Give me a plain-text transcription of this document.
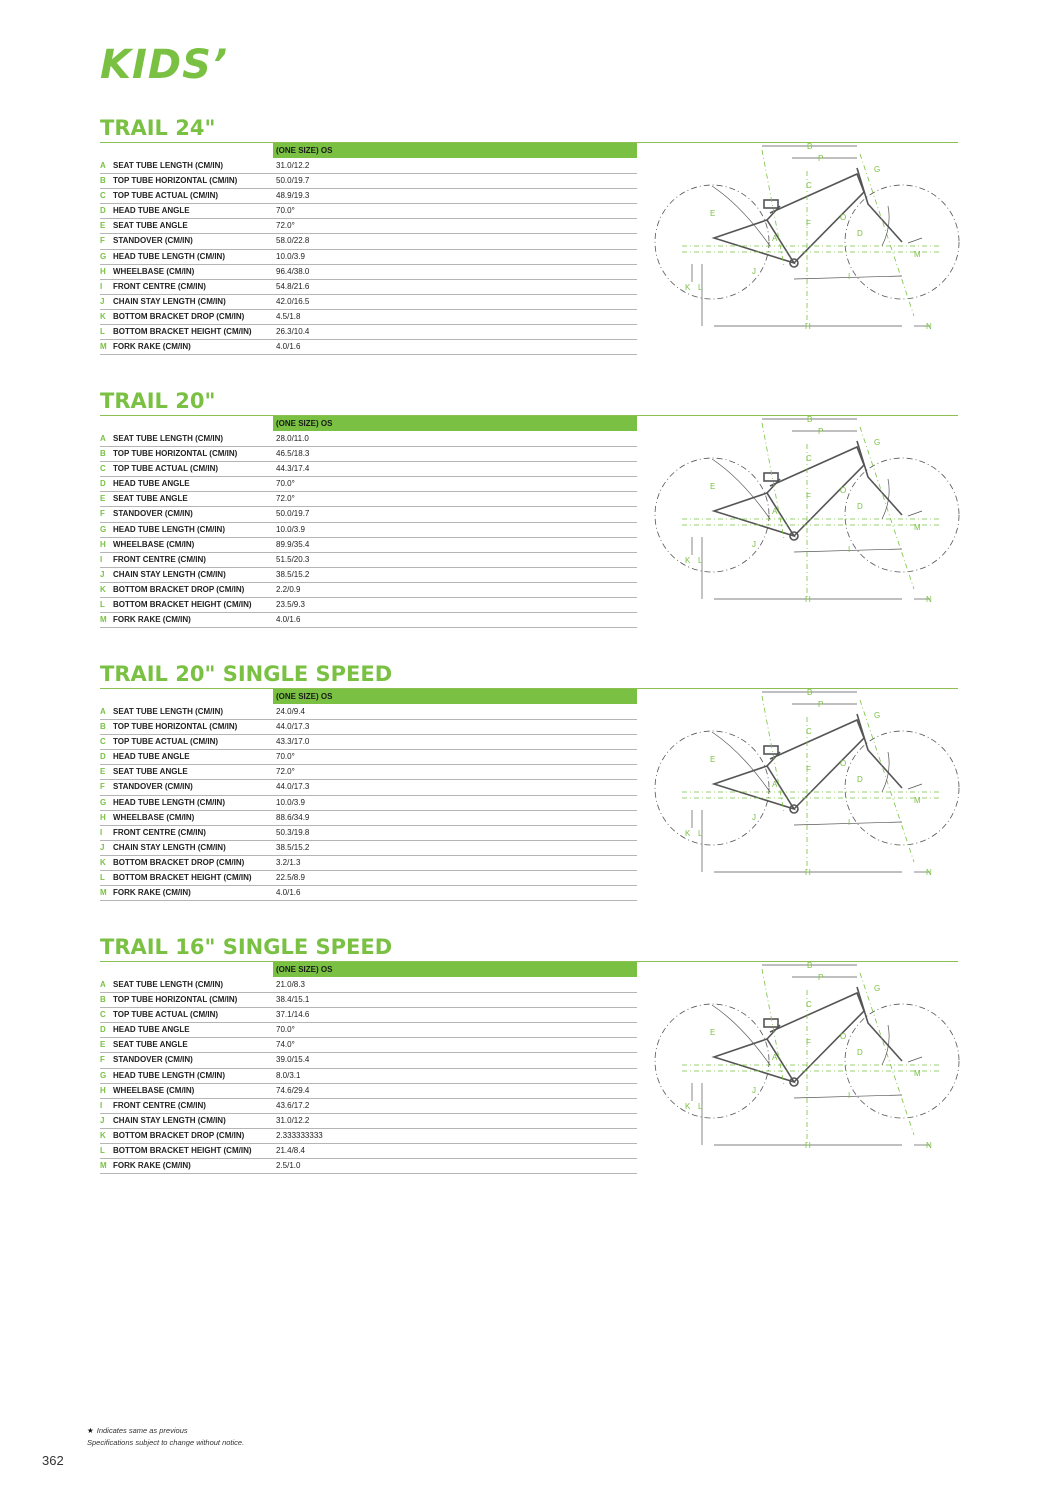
KIDS’
TRAIL 24"
(ONE SIZE) OS
A SEAT TUBE LENGTH (CM/IN)	31.0/12.2
B TOP TUBE HORIZONTAL (CM/IN)	50.0/19.7
C TOP TUBE ACTUAL (CM/IN)	48.9/19.3
D HEAD TUBE ANGLE	70.0°
E SEAT TUBE ANGLE	72.0°
F STANDOVER (CM/IN)	58.0/22.8
G HEAD TUBE LENGTH (CM/IN)	10.0/3.9
H WHEELBASE (CM/IN)	96.4/38.0
I FRONT CENTRE (CM/IN)	54.8/21.6
J CHAIN STAY LENGTH (CM/IN)	42.0/16.5
K BOTTOM BRACKET DROP (CM/IN)	4.5/1.8
L BOTTOM BRACKET HEIGHT (CM/IN)	26.3/10.4
M FORK RAKE (CM/IN)	4.0/1.6
B
P
G
C
E
F
O
D
A
M
J
I
K L
H	N
TRAIL 20"
(ONE SIZE) OS
A SEAT TUBE LENGTH (CM/IN)	28.0/11.0
B TOP TUBE HORIZONTAL (CM/IN)	46.5/18.3
C TOP TUBE ACTUAL (CM/IN)	44.3/17.4
D HEAD TUBE ANGLE	70.0°
E SEAT TUBE ANGLE	72.0°
F STANDOVER (CM/IN)	50.0/19.7
G HEAD TUBE LENGTH (CM/IN)	10.0/3.9
H WHEELBASE (CM/IN)	89.9/35.4
I FRONT CENTRE (CM/IN)	51.5/20.3
J CHAIN STAY LENGTH (CM/IN)	38.5/15.2
K BOTTOM BRACKET DROP (CM/IN)	2.2/0.9
L BOTTOM BRACKET HEIGHT (CM/IN)	23.5/9.3
M FORK RAKE (CM/IN)	4.0/1.6
B
P
G
C
E
F
O
D
A
M
J
I
K L
H	N
TRAIL 20" SINGLE SPEED
(ONE SIZE) OS
A SEAT TUBE LENGTH (CM/IN)	24.0/9.4
B TOP TUBE HORIZONTAL (CM/IN)	44.0/17.3
C TOP TUBE ACTUAL (CM/IN)	43.3/17.0
D HEAD TUBE ANGLE	70.0°
E SEAT TUBE ANGLE	72.0°
F STANDOVER (CM/IN)	44.0/17.3
G HEAD TUBE LENGTH (CM/IN)	10.0/3.9
H WHEELBASE (CM/IN)	88.6/34.9
I FRONT CENTRE (CM/IN)	50.3/19.8
J CHAIN STAY LENGTH (CM/IN)	38.5/15.2
K BOTTOM BRACKET DROP (CM/IN)	3.2/1.3
L BOTTOM BRACKET HEIGHT (CM/IN)	22.5/8.9
M FORK RAKE (CM/IN)	4.0/1.6
B
P
G
C
E
F
O
D
A
M
J
I
K L
H	N
TRAIL 16" SINGLE SPEED
(ONE SIZE) OS
A SEAT TUBE LENGTH (CM/IN)	21.0/8.3
B TOP TUBE HORIZONTAL (CM/IN)	38.4/15.1
C TOP TUBE ACTUAL (CM/IN)	37.1/14.6
D HEAD TUBE ANGLE	70.0°
E SEAT TUBE ANGLE	74.0°
F STANDOVER (CM/IN)	39.0/15.4
G HEAD TUBE LENGTH (CM/IN)	8.0/3.1
H WHEELBASE (CM/IN)	74.6/29.4
I FRONT CENTRE (CM/IN)	43.6/17.2
J CHAIN STAY LENGTH (CM/IN)	31.0/12.2
K BOTTOM BRACKET DROP (CM/IN)	2.333333333
L BOTTOM BRACKET HEIGHT (CM/IN)	21.4/8.4
M FORK RAKE (CM/IN)	2.5/1.0
B
P
G
C
E
F
O
D
A
M
J
I
K L
H	N
★ Indicates same as previous
Specifications subject to change without notice.
362
